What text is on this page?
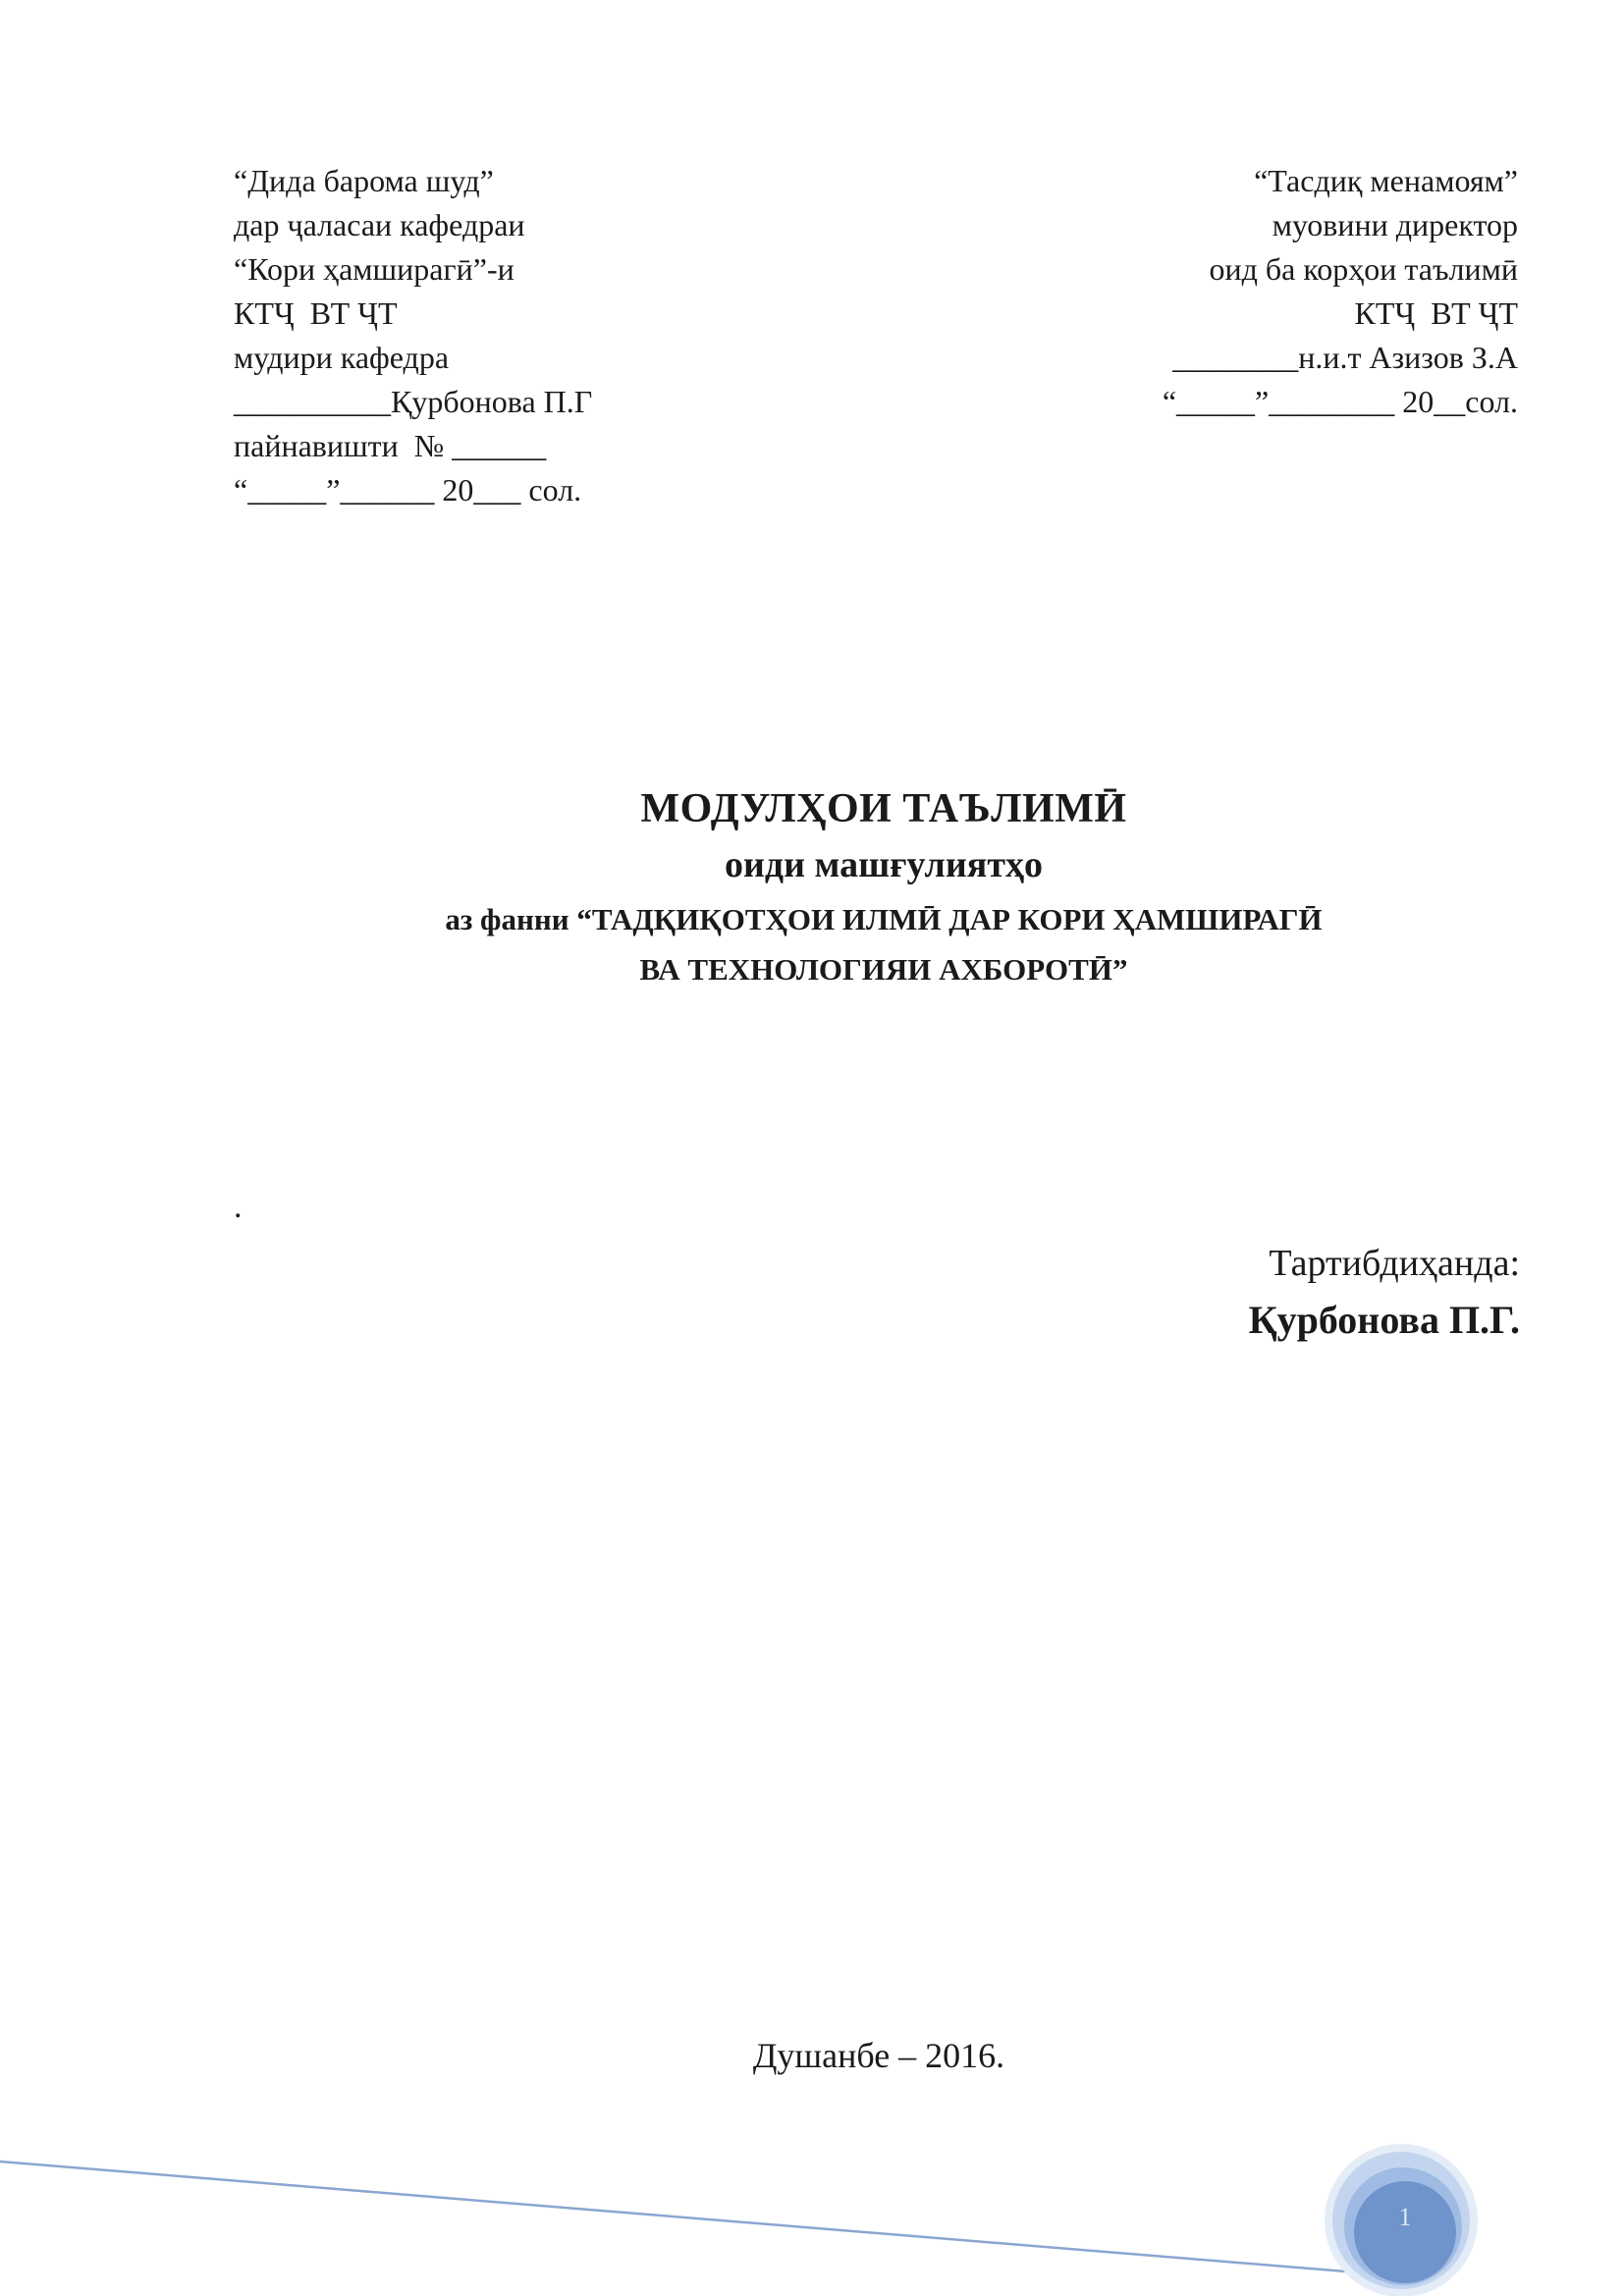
“Дида барома шуд”
дар ҷаласаи кафедраи
“Кори ҳамширагӣ”-и
КТҶ  ВТ ҶТ
мудири кафедра
__________Қурбонова П.Г
пайнавишти  № ______
“_____”______ 20___ сол.
“Тасдиқ менамоям”
муовини директор
оид ба корҳои таълимӣ
КТҶ  ВТ ҶТ
________н.и.т Азизов З.А
“_____”________ 20__сол.
МОДУЛҲОИ ТАЪЛИМӢ
оиди машғулиятҳо
аз фанни “ТАДҚИҚОТҲОИ ИЛМӢ ДАР КОРИ ҲАМШИРАГӢ
ВА ТЕХНОЛОГИЯИ АХБОРОТӢ”
.
Тартибдиҳанда:
Қурбонова П.Г.
Душанбе – 2016.
1
